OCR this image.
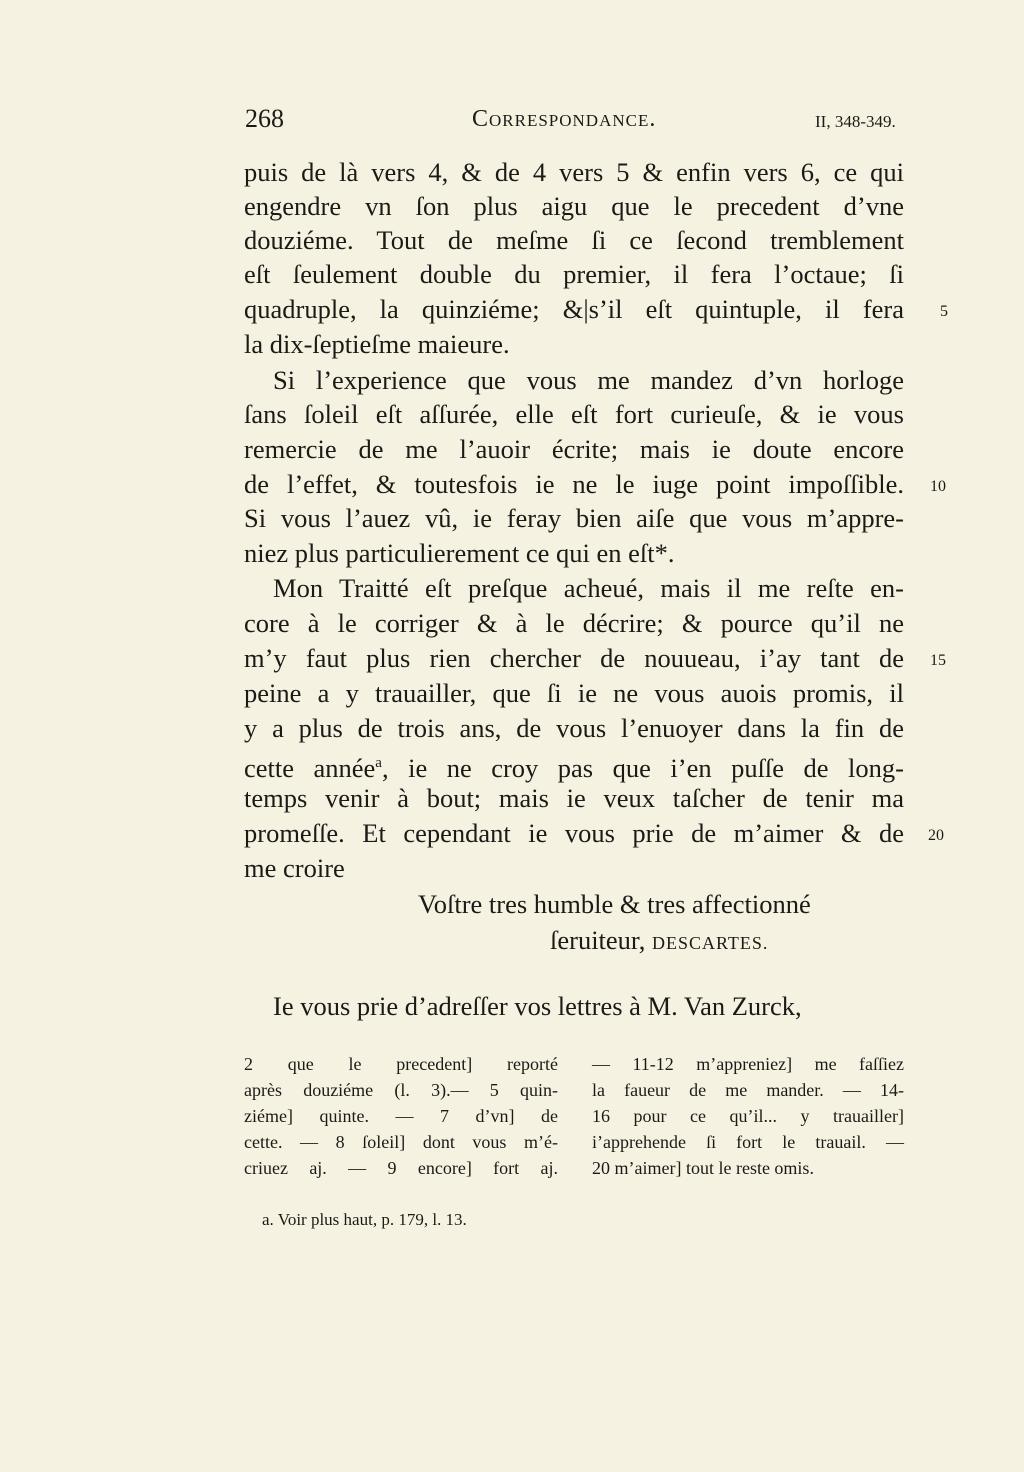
268	Correspondance.	II, 348-349.
puis de là vers 4, & de 4 vers 5 & enfin vers 6, ce qui
engendre vn ſon plus aigu que le precedent d’vne
douziéme. Tout de meſme ſi ce ſecond tremblement
eſt ſeulement double du premier, il fera l’octaue; ſi
quadruple, la quinziéme; &|s’il eſt quintuple, il fera
la dix-ſeptieſme maieure.
Si l’experience que vous me mandez d’vn horloge
ſans ſoleil eſt aſſurée, elle eſt fort curieuſe, & ie vous
remercie de me l’auoir écrite; mais ie doute encore
de l’effet, & toutesfois ie ne le iuge point impoſſible.
Si vous l’auez vû, ie feray bien aiſe que vous m’appre-
niez plus particulierement ce qui en eſt*.
Mon Traitté eſt preſque acheué, mais il me reſte en-
core à le corriger & à le décrire; & pource qu’il ne
m’y faut plus rien chercher de nouueau, i’ay tant de
peine a y trauailler, que ſi ie ne vous auois promis, il
y a plus de trois ans, de vous l’enuoyer dans la fin de
cette année$^a$, ie ne croy pas que i’en puſſe de long-
temps venir à bout; mais ie veux taſcher de tenir ma
promeſſe. Et cependant ie vous prie de m’aimer & de
me croire
5
10
15
20
Voſtre tres humble & tres affectionné
ſeruiteur, DESCARTES.
Ie vous prie d’adreſſer vos lettres à M. Van Zurck,
2 que le precedent] reporté
après douziéme (l. 3).— 5 quin-
ziéme] quinte. — 7 d’vn] de
cette. — 8 ſoleil] dont vous m’é-
criuez aj. — 9 encore] fort aj.
— 11-12 m’appreniez] me faſſiez
la faueur de me mander. — 14-
16 pour ce qu’il... y trauailler]
i’apprehende ſi fort le trauail. —
20 m’aimer] tout le reste omis.
a. Voir plus haut, p. 179, l. 13.
